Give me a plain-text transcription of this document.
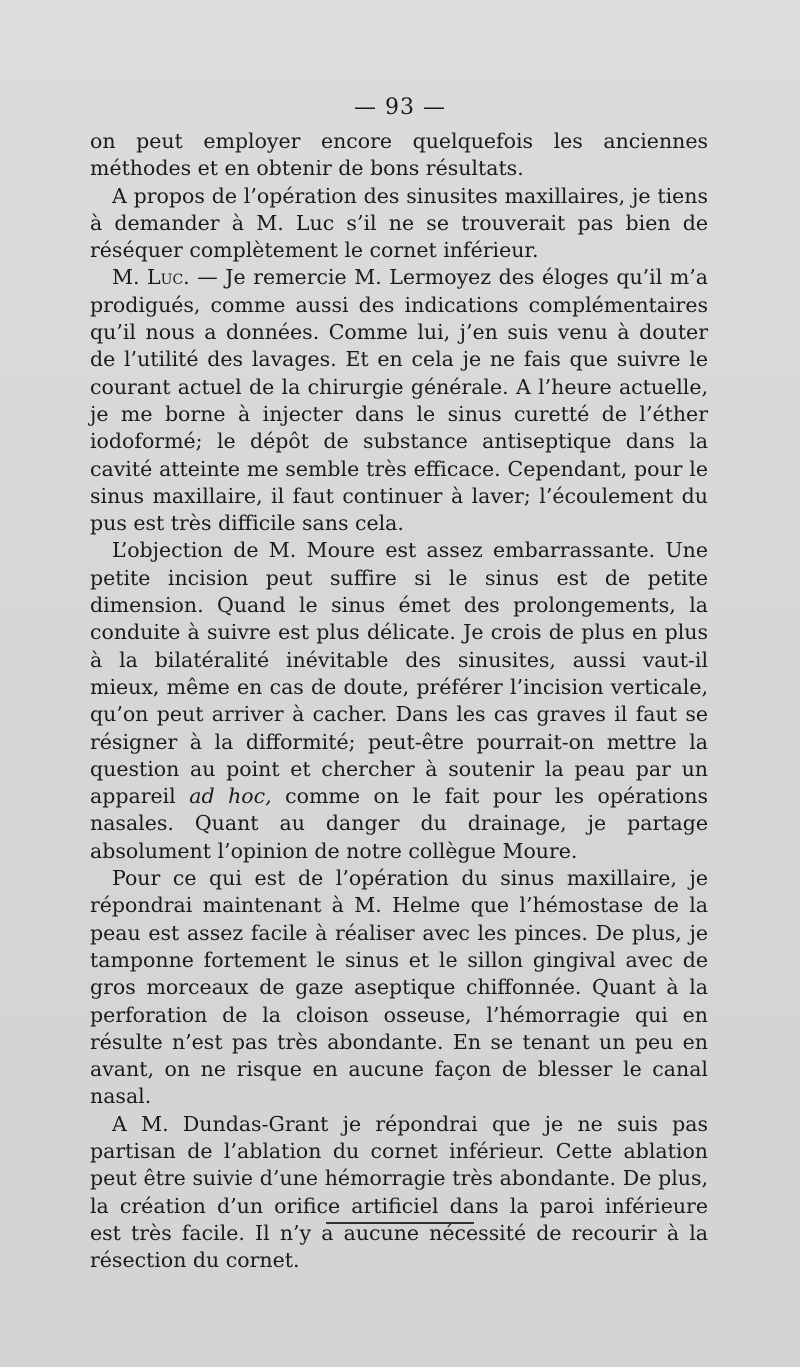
— 93 —

on peut employer encore quelquefois les anciennes méthodes et en obtenir de bons résultats.

A propos de l’opération des sinusites maxillaires, je tiens à demander à M. Luc s’il ne se trouverait pas bien de réséquer complètement le cornet inférieur.

M. Luc. — Je remercie M. Lermoyez des éloges qu’il m’a prodigués, comme aussi des indications complémentaires qu’il nous a données. Comme lui, j’en suis venu à douter de l’utilité des lavages. Et en cela je ne fais que suivre le courant actuel de la chirurgie générale. A l’heure actuelle, je me borne à injecter dans le sinus curetté de l’éther iodoformé; le dépôt de substance antiseptique dans la cavité atteinte me semble très efficace. Cependant, pour le sinus maxillaire, il faut continuer à laver; l’écoulement du pus est très difficile sans cela.

L’objection de M. Moure est assez embarrassante. Une petite incision peut suffire si le sinus est de petite dimension. Quand le sinus émet des prolongements, la conduite à suivre est plus délicate. Je crois de plus en plus à la bilatéralité inévitable des sinusites, aussi vaut-il mieux, même en cas de doute, préférer l’incision verticale, qu’on peut arriver à cacher. Dans les cas graves il faut se résigner à la difformité; peut-être pourrait-on mettre la question au point et chercher à soutenir la peau par un appareil ad hoc, comme on le fait pour les opérations nasales. Quant au danger du drainage, je partage absolument l’opinion de notre collègue Moure.

Pour ce qui est de l’opération du sinus maxillaire, je répondrai maintenant à M. Helme que l’hémostase de la peau est assez facile à réaliser avec les pinces. De plus, je tamponne fortement le sinus et le sillon gingival avec de gros morceaux de gaze aseptique chiffonnée. Quant à la perforation de la cloison osseuse, l’hémorragie qui en résulte n’est pas très abondante. En se tenant un peu en avant, on ne risque en aucune façon de blesser le canal nasal.

A M. Dundas-Grant je répondrai que je ne suis pas partisan de l’ablation du cornet inférieur. Cette ablation peut être suivie d’une hémorragie très abondante. De plus, la création d’un orifice artificiel dans la paroi inférieure est très facile. Il n’y a aucune nécessité de recourir à la résection du cornet.
